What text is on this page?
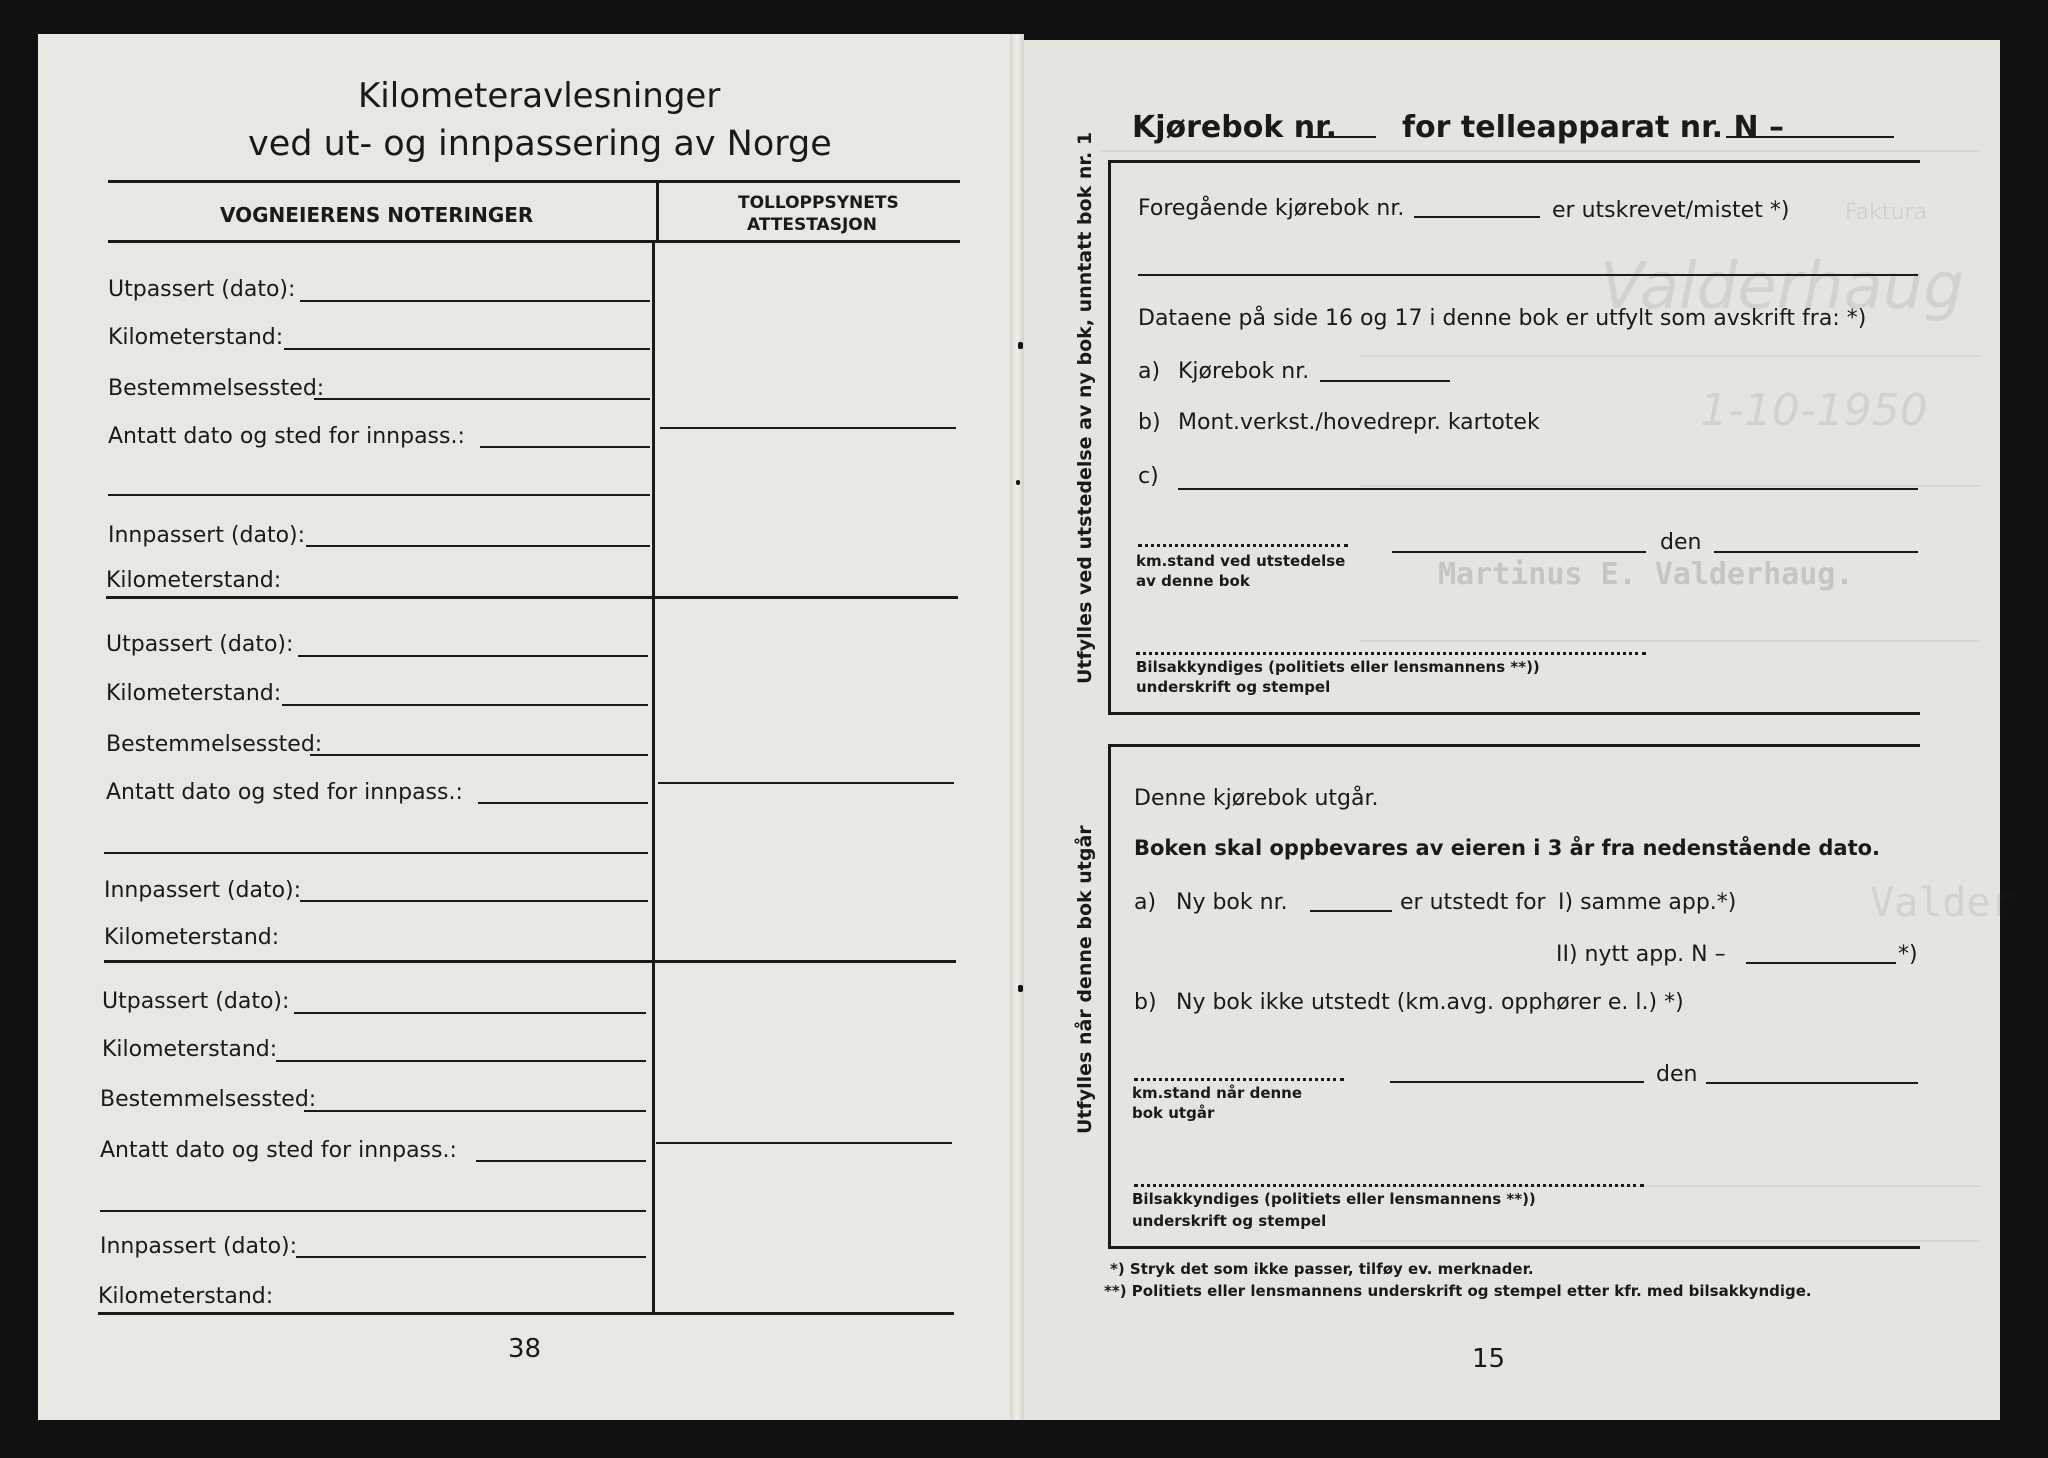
Kilometeravlesninger
ved ut- og innpassering av Norge
VOGNEIERENS NOTERINGER	TOLLOPPSYNETS
ATTESTASJON
Utpassert (dato):
Kilometerstand:
Bestemmelsessted:
Antatt dato og sted for innpass.:
Innpassert (dato):
Kilometerstand:
Utpassert (dato):
Kilometerstand:
Bestemmelsessted:
Antatt dato og sted for innpass.:
Innpassert (dato):
Kilometerstand:
Utpassert (dato):
Kilometerstand:
Bestemmelsessted:
Antatt dato og sted for innpass.:
Innpassert (dato):
Kilometerstand:
38
Faktura
Valderhaug
1-10-1950
Martinus E. Valderhaug.
Valder
Kjørebok nr. for telleapparat nr. N –
Utfylles ved utstedelse av ny bok, unntatt bok nr. 1 Foregående kjørebok nr.	er utskrevet/mistet *)
Dataene på side 16 og 17 i denne bok er utfylt som avskrift fra: *)
a) Kjørebok nr.
b) Mont.verkst./hovedrepr. kartotek
c)
km.stand ved utstedelse
av denne bok
den
Bilsakkyndiges (politiets eller lensmannens **))
underskrift og stempel
Utfylles når denne bok utgår
Denne kjørebok utgår.
Boken skal oppbevares av eieren i 3 år fra nedenstående dato.
a) Ny bok nr.	er utstedt for I) samme app.*)
II) nytt app. N –	*)
b) Ny bok ikke utstedt (km.avg. opphører e. l.) *)
km.stand når denne
bok utgår
den
Bilsakkyndiges (politiets eller lensmannens **))
underskrift og stempel
*) Stryk det som ikke passer, tilføy ev. merknader.
**) Politiets eller lensmannens underskrift og stempel etter kfr. med bilsakkyndige.
15
